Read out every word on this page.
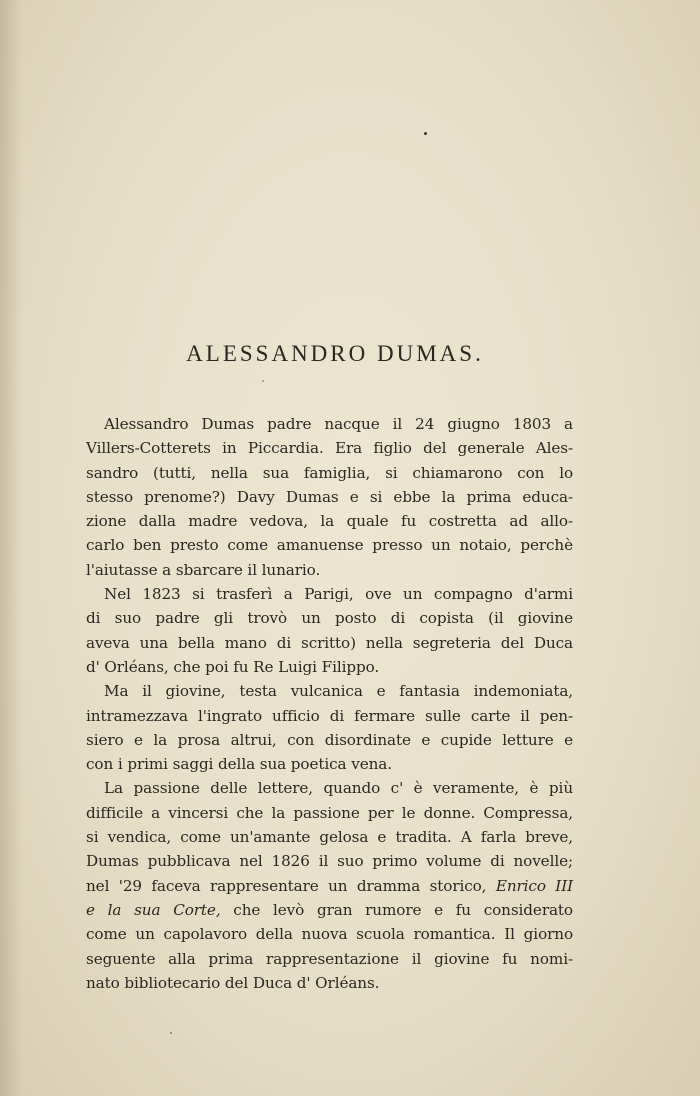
ALESSANDRO DUMAS.
Alessandro Dumas padre nacque il 24 giugno 1803 a
Villers-Cotterets in Piccardia. Era figlio del generale Ales-
sandro (tutti, nella sua famiglia, si chiamarono con lo
stesso prenome?) Davy Dumas e si ebbe la prima educa-
zione dalla madre vedova, la quale fu costretta ad allo-
carlo ben presto come amanuense presso un notaio, perchè
l'aiutasse a sbarcare il lunario.
Nel 1823 si trasferì a Parigi, ove un compagno d'armi
di suo padre gli trovò un posto di copista (il giovine
aveva una bella mano di scritto) nella segreteria del Duca
d' Orléans, che poi fu Re Luigi Filippo.
Ma il giovine, testa vulcanica e fantasia indemoniata,
intramezzava l'ingrato ufficio di fermare sulle carte il pen-
siero e la prosa altrui, con disordinate e cupide letture e
con i primi saggi della sua poetica vena.
La passione delle lettere, quando c' è veramente, è più
difficile a vincersi che la passione per le donne. Compressa,
si vendica, come un'amante gelosa e tradita. A farla breve,
Dumas pubblicava nel 1826 il suo primo volume di novelle;
nel '29 faceva rappresentare un dramma storico, Enrico III
e la sua Corte, che levò gran rumore e fu considerato
come un capolavoro della nuova scuola romantica. Il giorno
seguente alla prima rappresentazione il giovine fu nomi-
nato bibliotecario del Duca d' Orléans.
